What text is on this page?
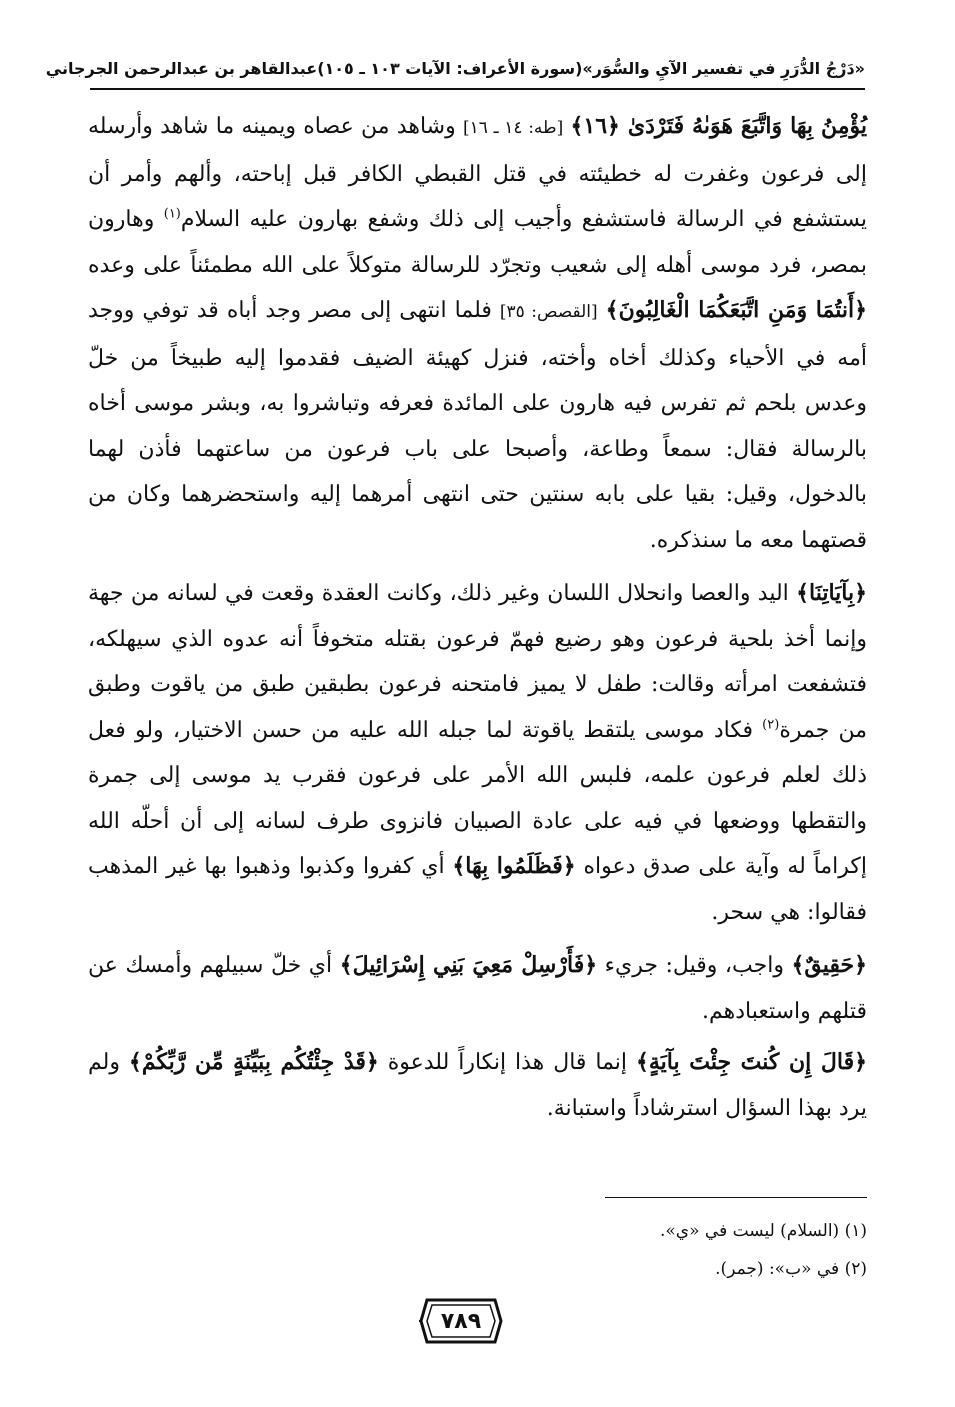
«دَرْجُ الدُّرَرِ في تفسير الآيِ والسُّوَر»
(سورة الأعراف: الآيات ١٠٣ ـ ١٠٥)
عبدالقاهر بن عبدالرحمن الجرجاني

يُؤْمِنُ بِهَا وَاتَّبَعَ هَوَىٰهُ فَتَرْدَىٰ ﴿١٦﴾ [طه: ١٤ ـ ١٦] وشاهد من عصاه ويمينه ما شاهد وأرسله إلى فرعون وغفرت له خطيئته في قتل القبطي الكافر قبل إباحته، وألهم وأمر أن يستشفع في الرسالة فاستشفع وأجيب إلى ذلك وشفع بهارون عليه السلام$^{(١)}$ وهارون بمصر، فرد موسى أهله إلى شعيب وتجرّد للرسالة متوكلاً على الله مطمئناً على وعده ﴿أَنتُمَا وَمَنِ اتَّبَعَكُمَا الْغَالِبُونَ﴾ [القصص: ٣٥] فلما انتهى إلى مصر وجد أباه قد توفي ووجد أمه في الأحياء وكذلك أخاه وأخته، فنزل كهيئة الضيف فقدموا إليه طبيخاً من خلّ وعدس بلحم ثم تفرس فيه هارون على المائدة فعرفه وتباشروا به، وبشر موسى أخاه بالرسالة فقال: سمعاً وطاعة، وأصبحا على باب فرعون من ساعتهما فأذن لهما بالدخول، وقيل: بقيا على بابه سنتين حتى انتهى أمرهما إليه واستحضرهما وكان من قصتهما معه ما سنذكره.

﴿بِآيَاتِنَا﴾ اليد والعصا وانحلال اللسان وغير ذلك، وكانت العقدة وقعت في لسانه من جهة وإنما أخذ بلحية فرعون وهو رضيع فهمّ فرعون بقتله متخوفاً أنه عدوه الذي سيهلكه، فتشفعت امرأته وقالت: طفل لا يميز فامتحنه فرعون بطبقين طبق من ياقوت وطبق من جمرة$^{(٢)}$ فكاد موسى يلتقط ياقوتة لما جبله الله عليه من حسن الاختيار، ولو فعل ذلك لعلم فرعون علمه، فلبس الله الأمر على فرعون فقرب يد موسى إلى جمرة والتقطها ووضعها في فيه على عادة الصبيان فانزوى طرف لسانه إلى أن أحلّه الله إكراماً له وآية على صدق دعواه ﴿فَظَلَمُوا بِهَا﴾ أي كفروا وكذبوا وذهبوا بها غير المذهب فقالوا: هي سحر.

﴿حَقِيقٌ﴾ واجب، وقيل: جريء ﴿فَأَرْسِلْ مَعِيَ بَنِي إِسْرَائِيلَ﴾ أي خلّ سبيلهم وأمسك عن قتلهم واستعبادهم.

﴿قَالَ إِن كُنتَ جِئْتَ بِآيَةٍ﴾ إنما قال هذا إنكاراً للدعوة ﴿قَدْ جِئْتُكُم بِبَيِّنَةٍ مِّن رَّبِّكُمْ﴾ ولم يرد بهذا السؤال استرشاداً واستبانة.

(١) (السلام) ليست في «ي».
(٢) في «ب»: (جمر).
٧٨٩
